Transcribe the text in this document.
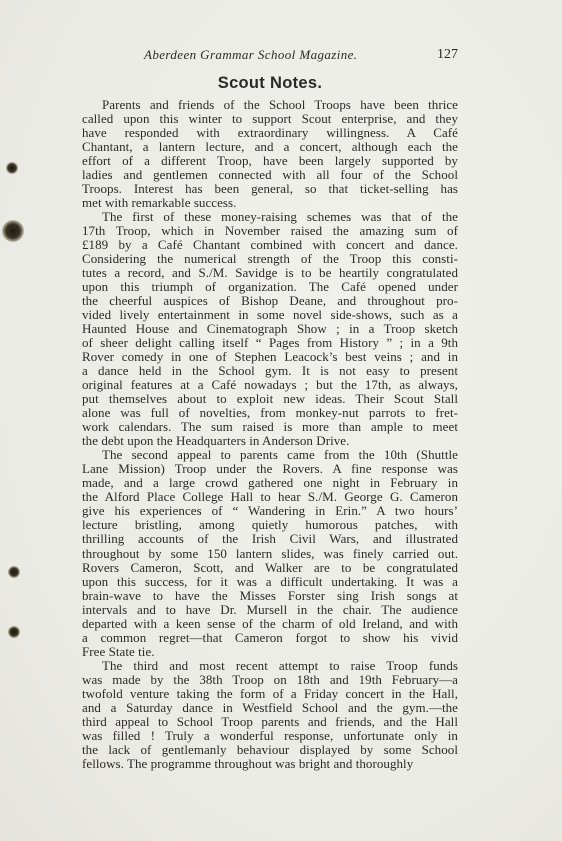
Aberdeen Grammar School Magazine.	127
Scout Notes.
Parents and friends of the School Troops have been thrice
called upon this winter to support Scout enterprise, and they
have responded with extraordinary willingness. A Café
Chantant, a lantern lecture, and a concert, although each the
effort of a different Troop, have been largely supported by
ladies and gentlemen connected with all four of the School
Troops. Interest has been general, so that ticket-selling has
met with remarkable success.
The first of these money-raising schemes was that of the
17th Troop, which in November raised the amazing sum of
£189 by a Café Chantant combined with concert and dance.
Considering the numerical strength of the Troop this consti-
tutes a record, and S./M. Savidge is to be heartily congratulated
upon this triumph of organization. The Café opened under
the cheerful auspices of Bishop Deane, and throughout pro-
vided lively entertainment in some novel side-shows, such as a
Haunted House and Cinematograph Show ; in a Troop sketch
of sheer delight calling itself “ Pages from History ” ; in a 9th
Rover comedy in one of Stephen Leacock’s best veins ; and in
a dance held in the School gym. It is not easy to present
original features at a Café nowadays ; but the 17th, as always,
put themselves about to exploit new ideas. Their Scout Stall
alone was full of novelties, from monkey-nut parrots to fret-
work calendars. The sum raised is more than ample to meet
the debt upon the Headquarters in Anderson Drive.
The second appeal to parents came from the 10th (Shuttle
Lane Mission) Troop under the Rovers. A fine response was
made, and a large crowd gathered one night in February in
the Alford Place College Hall to hear S./M. George G. Cameron
give his experiences of “ Wandering in Erin.” A two hours’
lecture bristling, among quietly humorous patches, with
thrilling accounts of the Irish Civil Wars, and illustrated
throughout by some 150 lantern slides, was finely carried out.
Rovers Cameron, Scott, and Walker are to be congratulated
upon this success, for it was a difficult undertaking. It was a
brain-wave to have the Misses Forster sing Irish songs at
intervals and to have Dr. Mursell in the chair. The audience
departed with a keen sense of the charm of old Ireland, and with
a common regret—that Cameron forgot to show his vivid
Free State tie.
The third and most recent attempt to raise Troop funds
was made by the 38th Troop on 18th and 19th February—a
twofold venture taking the form of a Friday concert in the Hall,
and a Saturday dance in Westfield School and the gym.—the
third appeal to School Troop parents and friends, and the Hall
was filled ! Truly a wonderful response, unfortunate only in
the lack of gentlemanly behaviour displayed by some School
fellows. The programme throughout was bright and thoroughly
